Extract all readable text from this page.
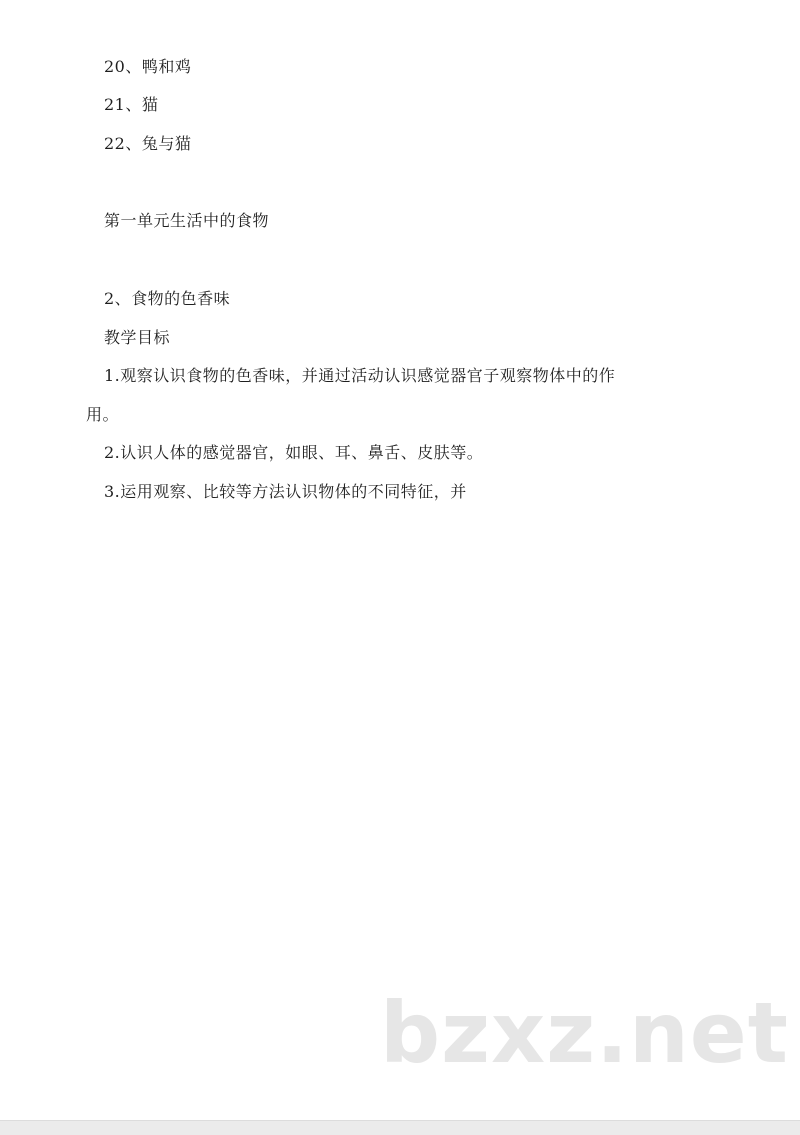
20、鸭和鸡
21、猫
22、兔与猫
第一单元生活中的食物
2、食物的色香味
教学目标
1.观察认识食物的色香味，并通过活动认识感觉器官子观察物体中的作
用。
2.认识人体的感觉器官，如眼、耳、鼻舌、皮肤等。
3.运用观察、比较等方法认识物体的不同特征，并
bzxz.net
